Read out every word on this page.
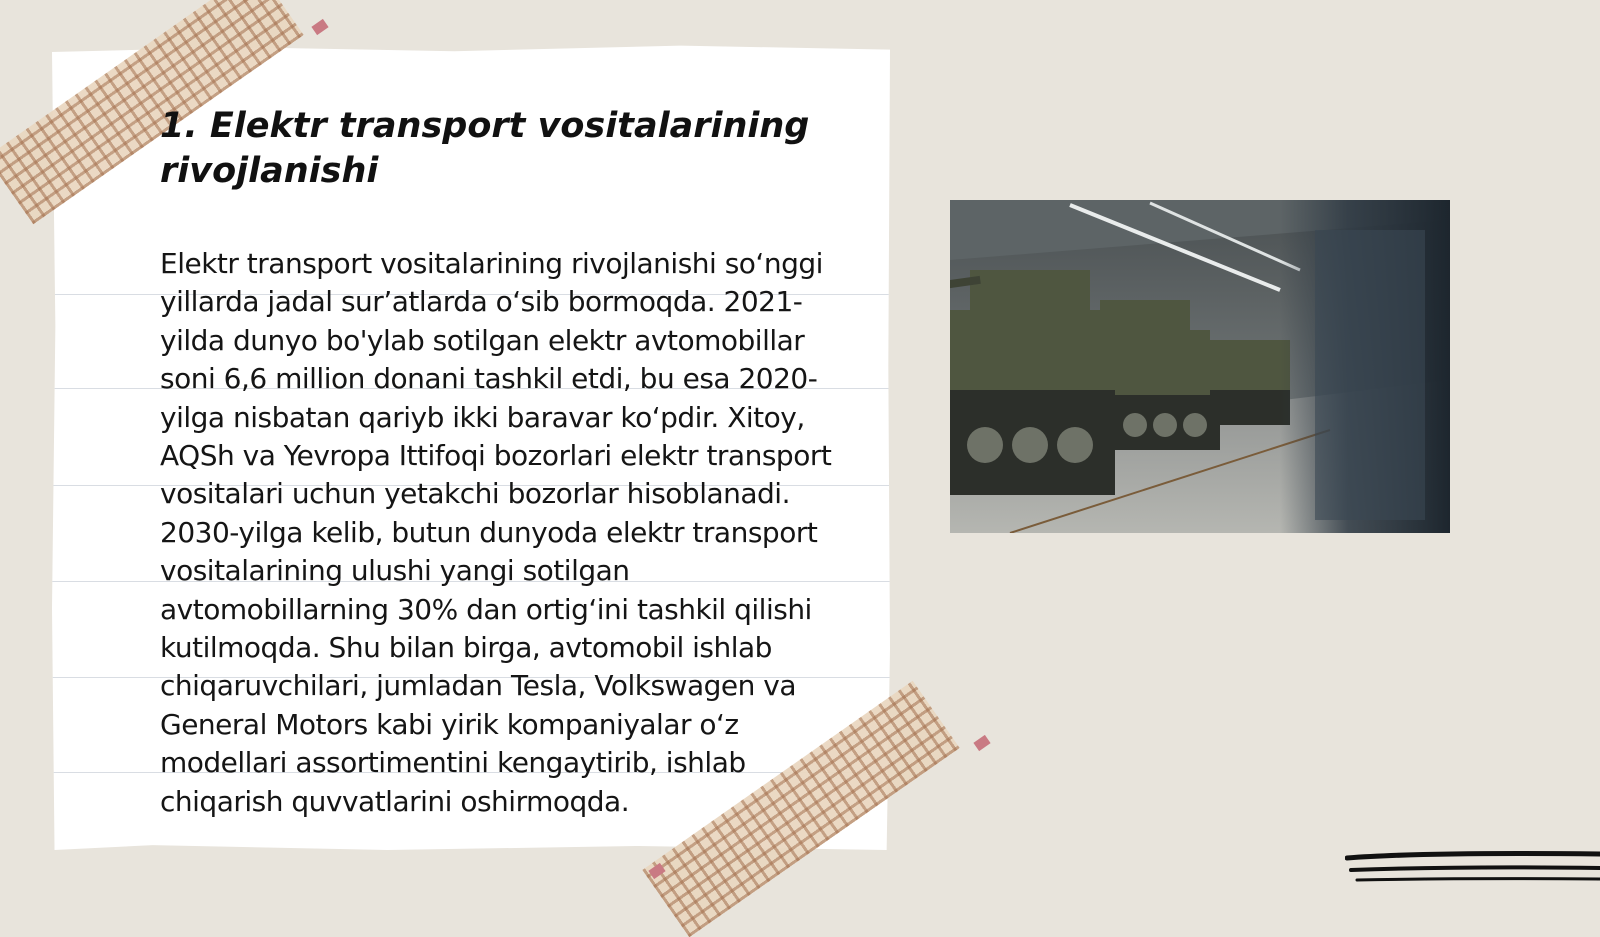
1. Elektr transport vositalarining rivojlanishi

Elektr transport vositalarining rivojlanishi so‘nggi yillarda jadal sur’atlarda o‘sib bormoqda. 2021-yilda dunyo bo'ylab sotilgan elektr avtomobillar soni 6,6 million donani tashkil etdi, bu esa 2020-yilga nisbatan qariyb ikki baravar ko‘pdir. Xitoy, AQSh va Yevropa Ittifoqi bozorlari elektr transport vositalari uchun yetakchi bozorlar hisoblanadi. 2030-yilga kelib, butun dunyoda elektr transport vositalarining ulushi yangi sotilgan avtomobillarning 30% dan ortig‘ini tashkil qilishi kutilmoqda. Shu bilan birga, avtomobil ishlab chiqaruvchilari, jumladan Tesla, Volkswagen va General Motors kabi yirik kompaniyalar o‘z modellari assortimentini kengaytirib, ishlab chiqarish quvvatlarini oshirmoqda.
